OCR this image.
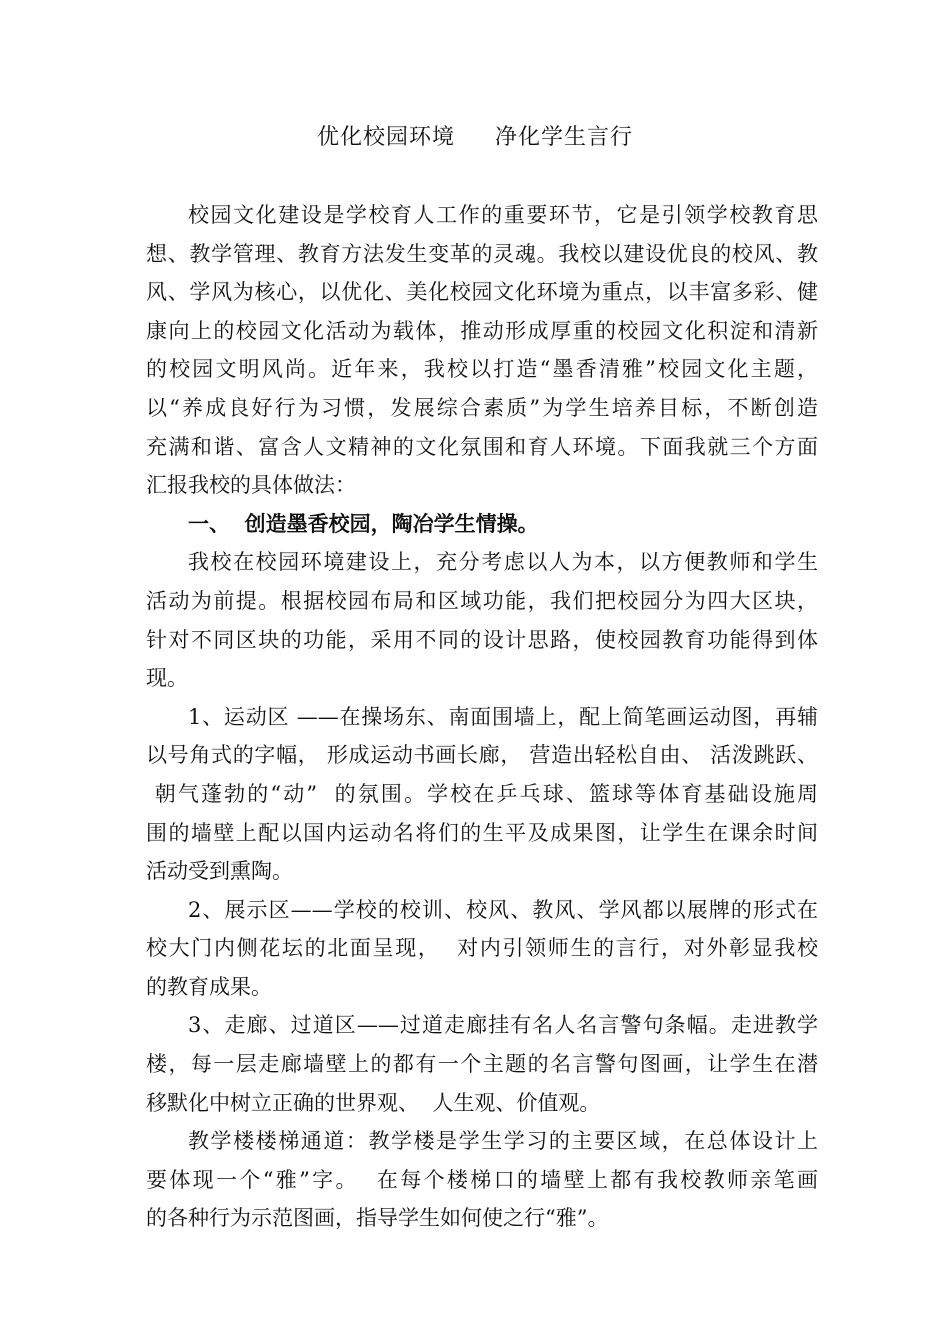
优化校园环境     净化学生言行
校园文化建设是学校育人工作的重要环节，它是引领学校教育思
想、教学管理、教育方法发生变革的灵魂。我校以建设优良的校风、教
风、学风为核心，以优化、美化校园文化环境为重点，以丰富多彩、健
康向上的校园文化活动为载体，推动形成厚重的校园文化积淀和清新
的校园文明风尚。近年来，我校以打造“墨香清雅”校园文化主题，
以“养成良好行为习惯，发展综合素质”为学生培养目标，不断创造
充满和谐、富含人文精神的文化氛围和育人环境。下面我就三个方面
汇报我校的具体做法：
一、  创造墨香校园，陶冶学生情操。
我校在校园环境建设上，充分考虑以人为本，以方便教师和学生
活动为前提。根据校园布局和区域功能，我们把校园分为四大区块，
针对不同区块的功能，采用不同的设计思路，使校园教育功能得到体
现。
1、运动区 ——在操场东、南面围墙上，配上简笔画运动图，再辅
以号角式的字幅， 形成运动书画长廊， 营造出轻松自由、 活泼跳跃、
朝气蓬勃的“动”  的氛围。学校在乒乓球、篮球等体育基础设施周
围的墙壁上配以国内运动名将们的生平及成果图，让学生在课余时间
活动受到熏陶。
2、展示区——学校的校训、校风、教风、学风都以展牌的形式在
校大门内侧花坛的北面呈现，  对内引领师生的言行，对外彰显我校
的教育成果。
3、走廊、过道区——过道走廊挂有名人名言警句条幅。走进教学
楼，每一层走廊墙壁上的都有一个主题的名言警句图画，让学生在潜
移默化中树立正确的世界观、  人生观、价值观。
教学楼楼梯通道：教学楼是学生学习的主要区域，在总体设计上
要体现一个“雅”字。  在每个楼梯口的墙壁上都有我校教师亲笔画
的各种行为示范图画，指导学生如何使之行“雅”。
